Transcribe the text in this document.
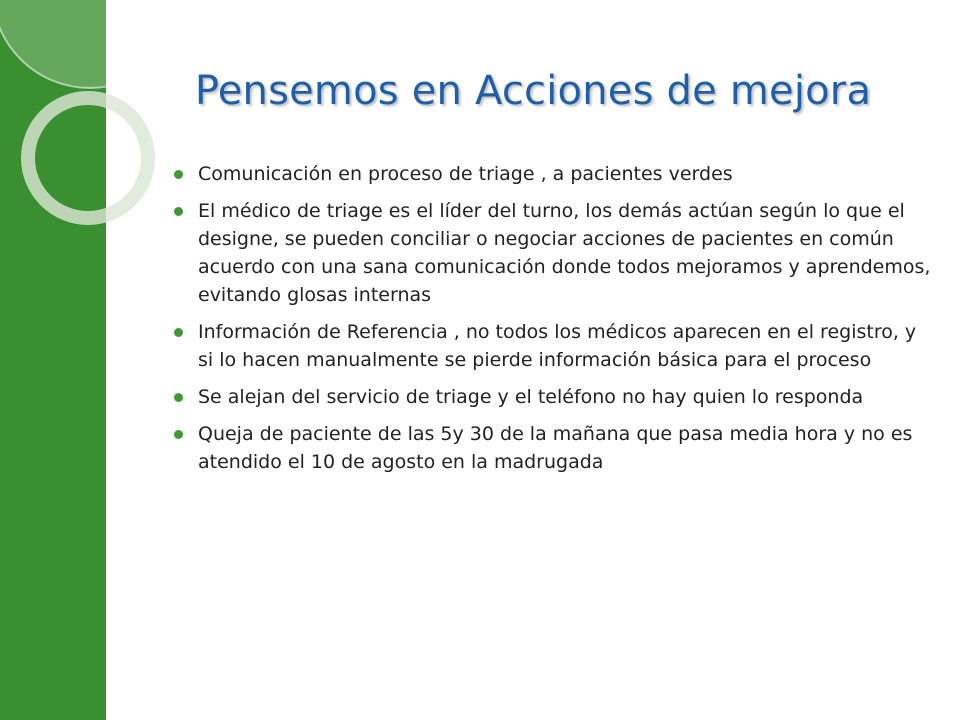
Pensemos en Acciones de mejora
Comunicación en proceso de triage , a pacientes verdes
El médico de triage es el líder del turno, los demás actúan según lo que el designe, se pueden conciliar o negociar acciones de pacientes en común acuerdo con una sana comunicación donde todos mejoramos y aprendemos, evitando glosas internas
Información de Referencia , no todos los médicos aparecen en el registro, y si lo hacen manualmente se pierde información básica para el proceso
Se alejan del servicio de triage y el teléfono no hay quien lo responda
Queja de paciente de las 5y 30 de la mañana que pasa media hora y no es atendido el 10 de agosto en la madrugada
